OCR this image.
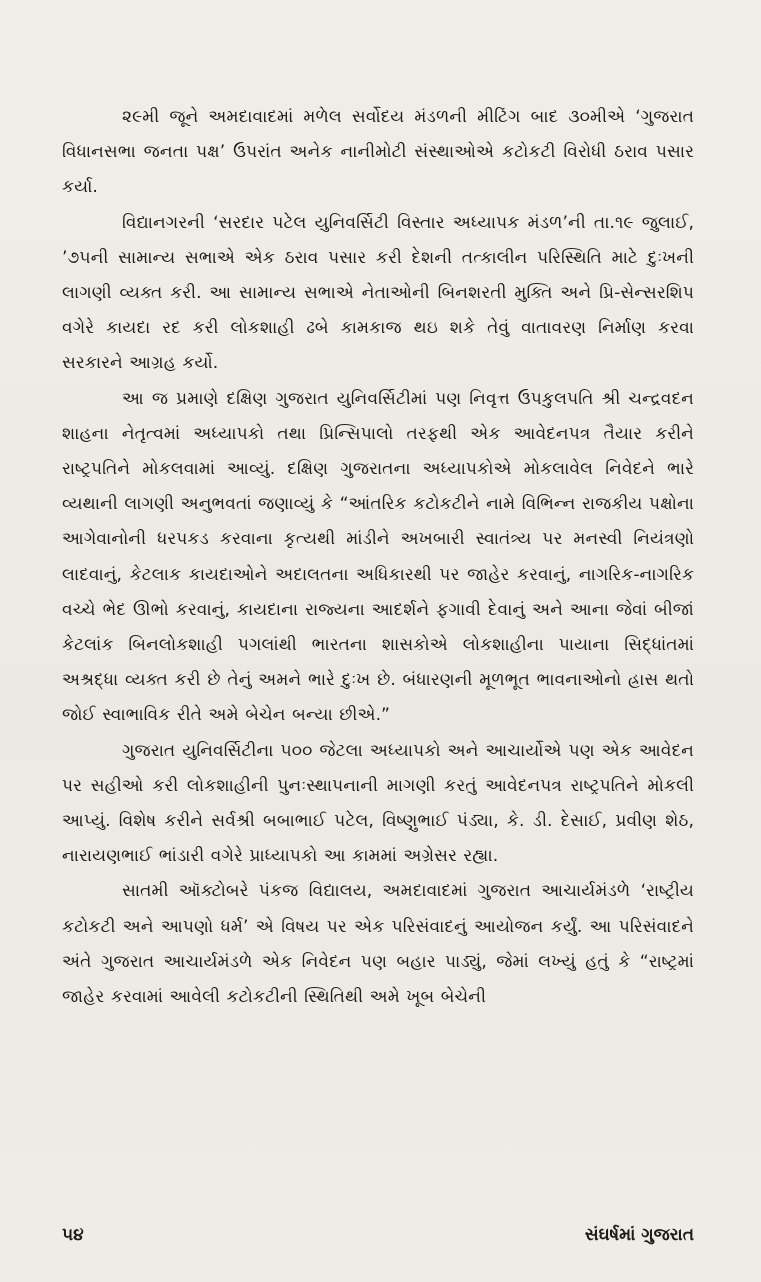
૨૯મી જૂને અમદાવાદમાં મળેલ સર્વોદય મંડળની મીટિંગ બાદ ૩૦મીએ ‘ગુજરાત વિધાનસભા જનતા પક્ષ’ ઉપરાંત અનેક નાનીમોટી સંસ્થાઓએ કટોકટી વિરોધી ઠરાવ પસાર કર્યા.

વિદ્યાનગરની ‘સરદાર પટેલ યુનિવર્સિટી વિસ્તાર અધ્યાપક મંડળ’ની તા.૧૯ જુલાઈ, ’૭૫ની સામાન્ય સભાએ એક ઠરાવ પસાર કરી દેશની તત્કાલીન પરિસ્થિતિ માટે દુઃખની લાગણી વ્યક્ત કરી. આ સામાન્ય સભાએ નેતાઓની બિનશરતી મુક્તિ અને પ્રિ-સેન્સરશિપ વગેરે કાયદા રદ કરી લોકશાહી ઢબે કામકાજ થઇ શકે તેવું વાતાવરણ નિર્માણ કરવા સરકારને આગ્રહ કર્યો.

આ જ પ્રમાણે દક્ષિણ ગુજરાત યુનિવર્સિટીમાં પણ નિવૃત્ત ઉપકુલપતિ શ્રી ચન્દ્રવદન શાહના નેતૃત્વમાં અધ્યાપકો તથા પ્રિન્સિપાલો તરફથી એક આવેદનપત્ર તૈયાર કરીને રાષ્ટ્રપતિને મોકલવામાં આવ્યું. દક્ષિણ ગુજરાતના અધ્યાપકોએ મોકલાવેલ નિવેદને ભારે વ્યથાની લાગણી અનુભવતાં જણાવ્યું કે “આંતરિક કટોકટીને નામે વિભિન્ન રાજકીય પક્ષોના આગેવાનોની ધરપકડ કરવાના કૃત્યથી માંડીને અખબારી સ્વાતંત્ર્ય પર મનસ્વી નિયંત્રણો લાદવાનું, કેટલાક કાયદાઓને અદાલતના અધિકારથી પર જાહેર કરવાનું, નાગરિક-નાગરિક વચ્ચે ભેદ ઊભો કરવાનું, કાયદાના રાજ્યના આદર્શને ફગાવી દેવાનું અને આના જેવાં બીજાં કેટલાંક બિનલોકશાહી પગલાંથી ભારતના શાસકોએ લોકશાહીના પાયાના સિદ્ધાંતમાં અશ્રદ્ધા વ્યક્ત કરી છે તેનું અમને ભારે દુઃખ છે. બંધારણની મૂળભૂત ભાવનાઓનો હ્રાસ થતો જોઈ સ્વાભાવિક રીતે અમે બેચેન બન્યા છીએ.”

ગુજરાત યુનિવર્સિટીના ૫૦૦ જેટલા અધ્યાપકો અને આચાર્યોએ પણ એક આવેદન પર સહીઓ કરી લોકશાહીની પુનઃસ્થાપનાની માગણી કરતું આવેદનપત્ર રાષ્ટ્રપતિને મોકલી આપ્યું. વિશેષ કરીને સર્વશ્રી બબાભાઈ પટેલ, વિષ્ણુભાઈ પંડ્યા, કે. ડી. દેસાઈ, પ્રવીણ શેઠ, નારાયણભાઈ ભાંડારી વગેરે પ્રાધ્યાપકો આ કામમાં અગ્રેસર રહ્યા.

સાતમી ઑક્ટોબરે પંકજ વિદ્યાલય, અમદાવાદમાં ગુજરાત આચાર્યમંડળે ‘રાષ્ટ્રીય કટોકટી અને આપણો ધર્મ’ એ વિષય પર એક પરિસંવાદનું આયોજન કર્યું. આ પરિસંવાદને અંતે ગુજરાત આચાર્યમંડળે એક નિવેદન પણ બહાર પાડ્યું, જેમાં લખ્યું હતું કે “રાષ્ટ્રમાં જાહેર કરવામાં આવેલી કટોકટીની સ્થિતિથી અમે ખૂબ બેચેની

૫૪	સંઘર્ષમાં ગુજરાત
